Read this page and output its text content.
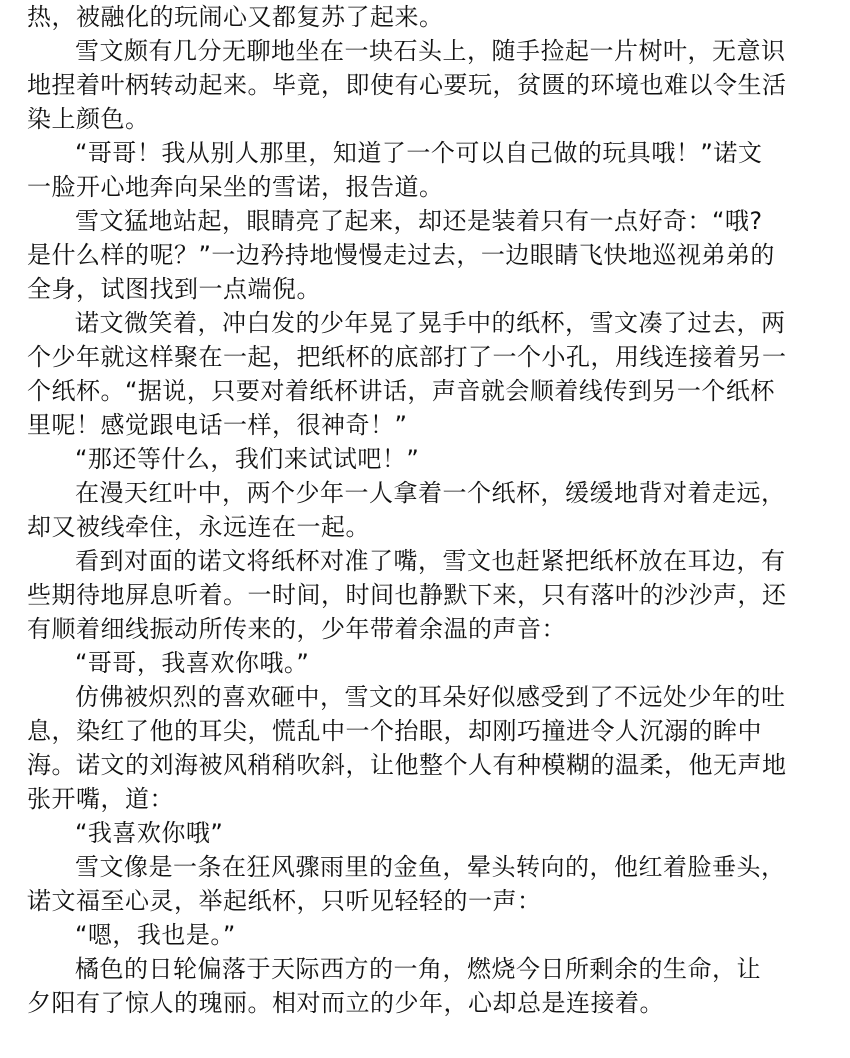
热，被融化的玩闹心又都复苏了起来。
雪文颇有几分无聊地坐在一块石头上，随手捡起一片树叶，无意识
地捏着叶柄转动起来。毕竟，即使有心要玩，贫匮的环境也难以令生活
染上颜色。
“哥哥！我从别人那里，知道了一个可以自己做的玩具哦！”诺文
一脸开心地奔向呆坐的雪诺，报告道。
雪文猛地站起，眼睛亮了起来，却还是装着只有一点好奇：“哦?
是什么样的呢？”一边矜持地慢慢走过去，一边眼睛飞快地巡视弟弟的
全身，试图找到一点端倪。
诺文微笑着，冲白发的少年晃了晃手中的纸杯，雪文凑了过去，两
个少年就这样聚在一起，把纸杯的底部打了一个小孔，用线连接着另一
个纸杯。“据说，只要对着纸杯讲话，声音就会顺着线传到另一个纸杯
里呢！感觉跟电话一样，很神奇！”
“那还等什么，我们来试试吧！”
在漫天红叶中，两个少年一人拿着一个纸杯，缓缓地背对着走远，
却又被线牵住，永远连在一起。
看到对面的诺文将纸杯对准了嘴，雪文也赶紧把纸杯放在耳边，有
些期待地屏息听着。一时间，时间也静默下来，只有落叶的沙沙声，还
有顺着细线振动所传来的，少年带着余温的声音：
“哥哥，我喜欢你哦。”
仿佛被炽烈的喜欢砸中，雪文的耳朵好似感受到了不远处少年的吐
息，染红了他的耳尖，慌乱中一个抬眼，却刚巧撞进令人沉溺的眸中
海。诺文的刘海被风稍稍吹斜，让他整个人有种模糊的温柔，他无声地
张开嘴，道：
“我喜欢你哦”
雪文像是一条在狂风骤雨里的金鱼，晕头转向的，他红着脸垂头，
诺文福至心灵，举起纸杯，只听见轻轻的一声：
“嗯，我也是。”
橘色的日轮偏落于天际西方的一角，燃烧今日所剩余的生命，让
夕阳有了惊人的瑰丽。相对而立的少年，心却总是连接着。
